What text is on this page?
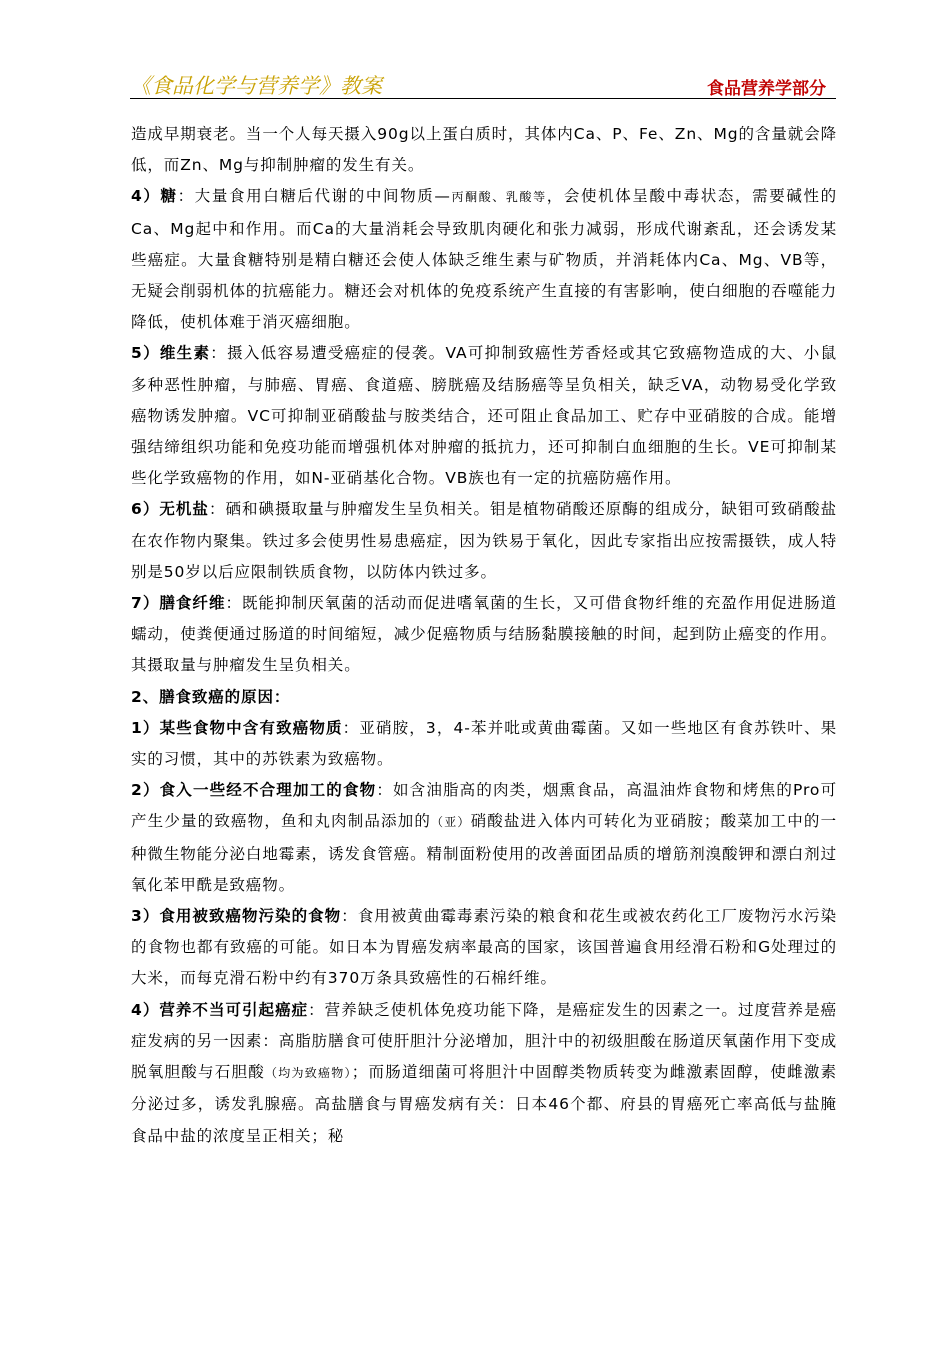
《食品化学与营养学》教案	食品营养学部分

造成早期衰老。当一个人每天摄入90g以上蛋白质时，其体内Ca、P、Fe、Zn、Mg的含量就会降低，而Zn、Mg与抑制肿瘤的发生有关。

4）糖：大量食用白糖后代谢的中间物质—丙酮酸、乳酸等，会使机体呈酸中毒状态，需要碱性的Ca、Mg起中和作用。而Ca的大量消耗会导致肌肉硬化和张力减弱，形成代谢紊乱，还会诱发某些癌症。大量食糖特别是精白糖还会使人体缺乏维生素与矿物质，并消耗体内Ca、Mg、VB等，无疑会削弱机体的抗癌能力。糖还会对机体的免疫系统产生直接的有害影响，使白细胞的吞噬能力降低，使机体难于消灭癌细胞。

5）维生素：摄入低容易遭受癌症的侵袭。VA可抑制致癌性芳香烃或其它致癌物造成的大、小鼠多种恶性肿瘤，与肺癌、胃癌、食道癌、膀胱癌及结肠癌等呈负相关，缺乏VA，动物易受化学致癌物诱发肿瘤。VC可抑制亚硝酸盐与胺类结合，还可阻止食品加工、贮存中亚硝胺的合成。能增强结缔组织功能和免疫功能而增强机体对肿瘤的抵抗力，还可抑制白血细胞的生长。VE可抑制某些化学致癌物的作用，如N-亚硝基化合物。VB族也有一定的抗癌防癌作用。

6）无机盐：硒和碘摄取量与肿瘤发生呈负相关。钼是植物硝酸还原酶的组成分，缺钼可致硝酸盐在农作物内聚集。铁过多会使男性易患癌症，因为铁易于氧化，因此专家指出应按需摄铁，成人特别是50岁以后应限制铁质食物，以防体内铁过多。

7）膳食纤维：既能抑制厌氧菌的活动而促进嗜氧菌的生长，又可借食物纤维的充盈作用促进肠道蠕动，使粪便通过肠道的时间缩短，减少促癌物质与结肠黏膜接触的时间，起到防止癌变的作用。其摄取量与肿瘤发生呈负相关。

2、膳食致癌的原因：

1）某些食物中含有致癌物质：亚硝胺，3，4-苯并吡或黄曲霉菌。又如一些地区有食苏铁叶、果实的习惯，其中的苏铁素为致癌物。

2）食入一些经不合理加工的食物：如含油脂高的肉类，烟熏食品，高温油炸食物和烤焦的Pro可产生少量的致癌物，鱼和丸肉制品添加的（亚）硝酸盐进入体内可转化为亚硝胺；酸菜加工中的一种微生物能分泌白地霉素，诱发食管癌。精制面粉使用的改善面团品质的增筋剂溴酸钾和漂白剂过氧化苯甲酰是致癌物。

3）食用被致癌物污染的食物：食用被黄曲霉毒素污染的粮食和花生或被农药化工厂废物污水污染的食物也都有致癌的可能。如日本为胃癌发病率最高的国家，该国普遍食用经滑石粉和G处理过的大米，而每克滑石粉中约有370万条具致癌性的石棉纤维。

4）营养不当可引起癌症：营养缺乏使机体免疫功能下降，是癌症发生的因素之一。过度营养是癌症发病的另一因素：高脂肪膳食可使肝胆汁分泌增加，胆汁中的初级胆酸在肠道厌氧菌作用下变成脱氧胆酸与石胆酸（均为致癌物）；而肠道细菌可将胆汁中固醇类物质转变为雌激素固醇，使雌激素分泌过多，诱发乳腺癌。高盐膳食与胃癌发病有关：日本46个都、府县的胃癌死亡率高低与盐腌食品中盐的浓度呈正相关；秘
